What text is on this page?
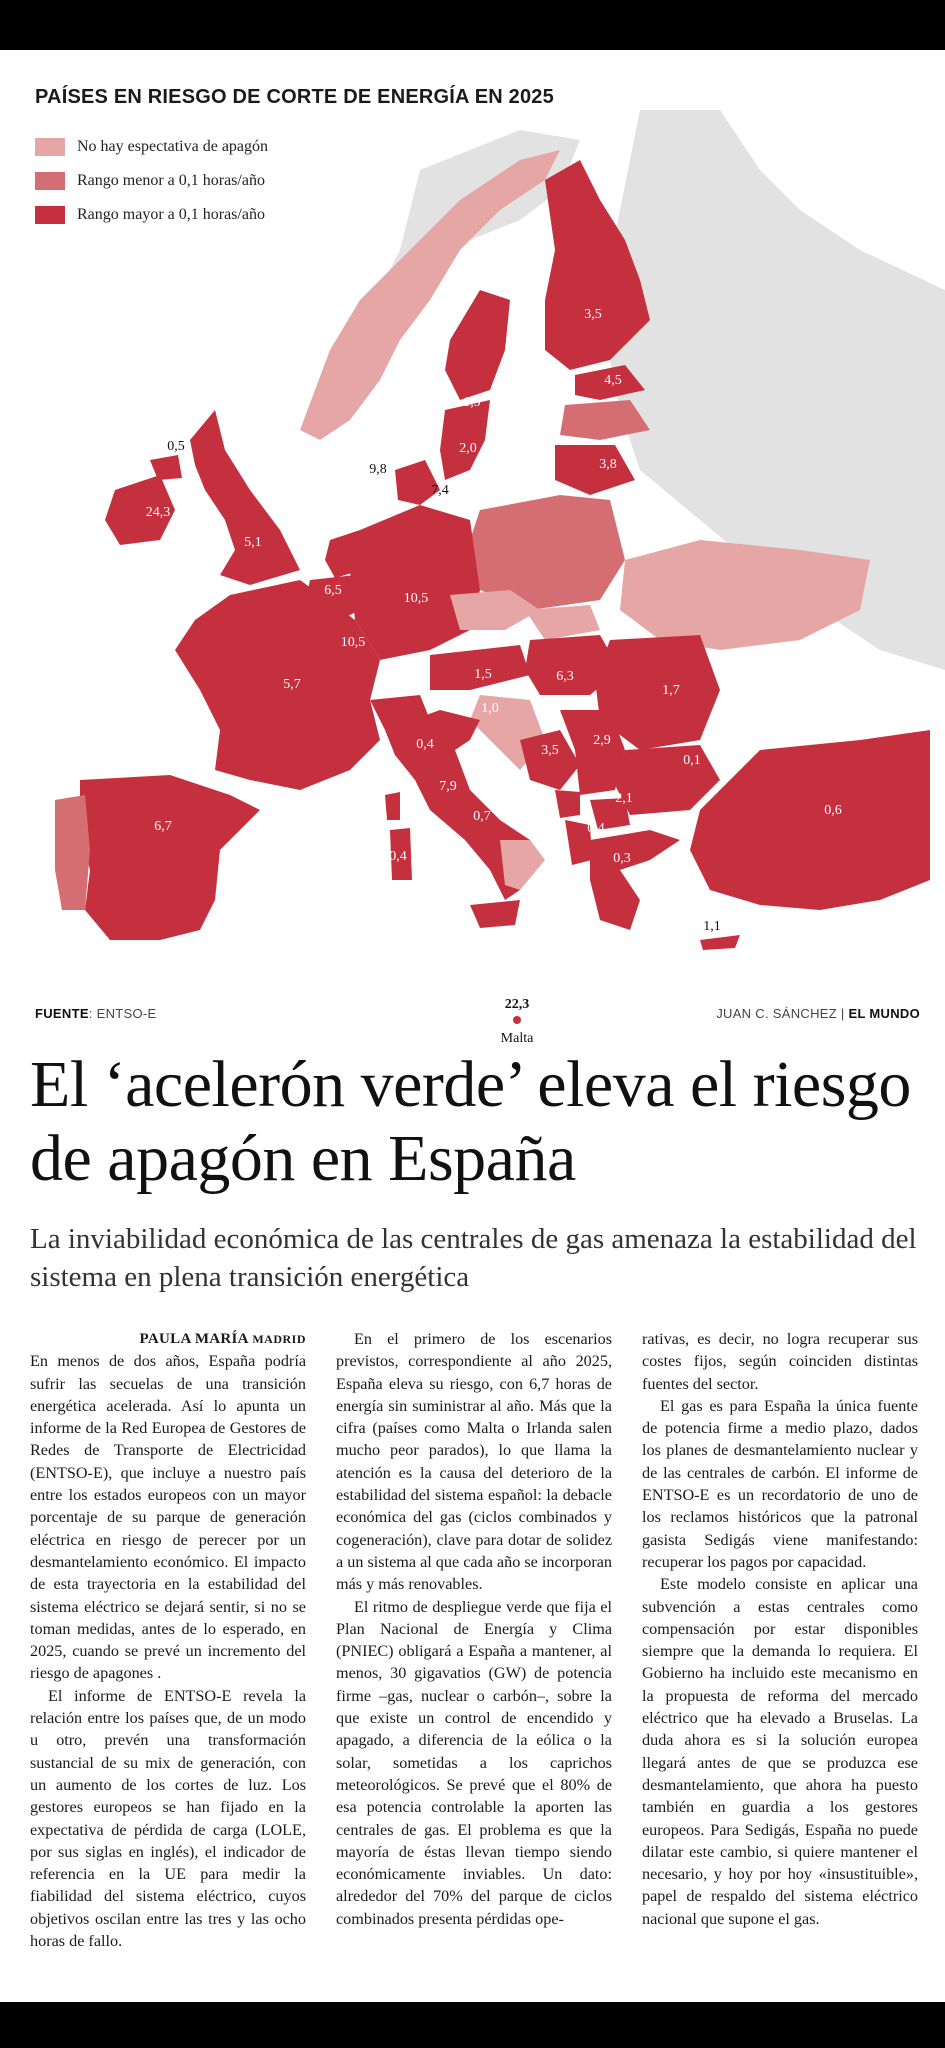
3,5
4,5
3,8
1,9
2,0
9,8
7,4
0,5
24,3
5,1
6,5
10,5
10,5
5,7
6,7
1,0
1,5	6,3
1,7
0,4
7,9
0,4
0,7
3,5
2,9
0,1
2,1
0,4
0,3
0,6
1,1
22,3
Malta
PAÍSES EN RIESGO DE CORTE DE ENERGÍA EN 2025
No hay espectativa de apagón
Rango menor a 0,1 horas/año
Rango mayor a 0,1 horas/año
FUENTE: ENTSO-E	JUAN C. SÁNCHEZ | EL MUNDO
El ‘acelerón verde’ eleva el riesgo de apagón en España
La inviabilidad económica de las centrales de gas amenaza la estabilidad del sistema en plena transición energética
PAULA MARÍA MADRID

En menos de dos años, España podría sufrir las secuelas de una transición energética acelerada. Así lo apunta un informe de la Red Europea de Gestores de Redes de Transporte de Electricidad (ENTSO-E), que incluye a nuestro país entre los estados europeos con un mayor porcentaje de su parque de generación eléctrica en riesgo de perecer por un desmantelamiento económico. El impacto de esta trayectoria en la estabilidad del sistema eléctrico se dejará sentir, si no se toman medidas, antes de lo esperado, en 2025, cuando se prevé un incremento del riesgo de apagones .

El informe de ENTSO-E revela la relación entre los países que, de un modo u otro, prevén una transformación sustancial de su mix de generación, con un aumento de los cortes de luz. Los gestores europeos se han fijado en la expectativa de pérdida de carga (LOLE, por sus siglas en inglés), el indicador de referencia en la UE para medir la fiabilidad del sistema eléctrico, cuyos objetivos oscilan entre las tres y las ocho horas de fallo.

En el primero de los escenarios previstos, correspondiente al año 2025, España eleva su riesgo, con 6,7 horas de energía sin suministrar al año. Más que la cifra (países como Malta o Irlanda salen mucho peor parados), lo que llama la atención es la causa del deterioro de la estabilidad del sistema español: la debacle económica del gas (ciclos combinados y cogeneración), clave para dotar de solidez a un sistema al que cada año se incorporan más y más renovables.

El ritmo de despliegue verde que fija el Plan Nacional de Energía y Clima (PNIEC) obligará a España a mantener, al menos, 30 gigavatios (GW) de potencia firme –gas, nuclear o carbón–, sobre la que existe un control de encendido y apagado, a diferencia de la eólica o la solar, sometidas a los caprichos meteorológicos. Se prevé que el 80% de esa potencia controlable la aporten las centrales de gas. El problema es que la mayoría de éstas llevan tiempo siendo económicamente inviables. Un dato: alrededor del 70% del parque de ciclos combinados presenta pérdidas ope-

rativas, es decir, no logra recuperar sus costes fijos, según coinciden distintas fuentes del sector.

El gas es para España la única fuente de potencia firme a medio plazo, dados los planes de desmantelamiento nuclear y de las centrales de carbón. El informe de ENTSO-E es un recordatorio de uno de los reclamos históricos que la patronal gasista Sedigás viene manifestando: recuperar los pagos por capacidad.

Este modelo consiste en aplicar una subvención a estas centrales como compensación por estar disponibles siempre que la demanda lo requiera. El Gobierno ha incluido este mecanismo en la propuesta de reforma del mercado eléctrico que ha elevado a Bruselas. La duda ahora es si la solución europea llegará antes de que se produzca ese desmantelamiento, que ahora ha puesto también en guardia a los gestores europeos. Para Sedigás, España no puede dilatar este cambio, si quiere mantener el necesario, y hoy por hoy «insustituible», papel de respaldo del sistema eléctrico nacional que supone el gas.
